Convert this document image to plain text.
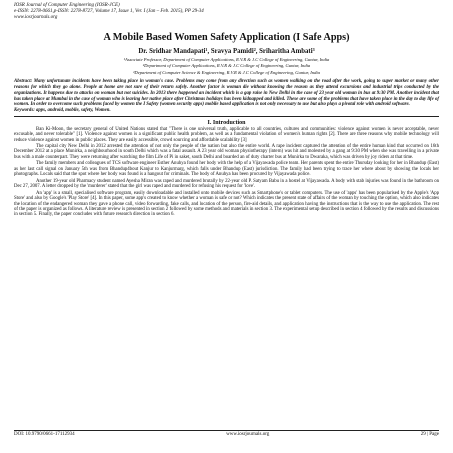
IOSR Journal of Computer Engineering (IOSR-JCE)
e-ISSN: 2278-0661,p-ISSN: 2278-8727, Volume 17, Issue 1, Ver. I (Jan – Feb. 2015), PP 29-34
www.iosrjournals.org
A Mobile Based Women Safety Application (I Safe Apps)
Dr. Sridhar Mandapati¹, Sravya Pamidi², Sriharitha Ambati³
¹Associate Professor, Department of Computer Applications, R.V.R & J.C College of Engineering, Guntur, India
²Department of Computer Applications, R.V.R & J.C College of Engineering, Guntur, India
³Department of Computer Science & Engineering, R.V.R & J.C College of Engineering, Guntur, India
Abstract: Many unfortunate incidents have been taking place in woman's case. Problems may come from any direction such as women walking on the road after the work, going to super market or many other reasons for which they go alone. People at home are not sure of their return safely. Another factor is woman die without knowing the reason as they attend excursions and industrial trips conducted by the organizations. It happens due to attacks on woman but not suicides. In 2013 there happened an incident which is a gap raise in New Delhi in the case of 23 year old woman in bus at 9:30 PM. Another incident that has taken place at Mumbai in the case of woman who is leaving her native place after Christmas holidays has been kidnapped and killed. These are some of the problems that have taken place in the day to day life of women. In order to overcome such problems faced by women the I Safety (women security apps) mobile based application is not only necessary to use but also plays a pivotal role with android software.
Keywords: apps, android, mobile, safety, Women.
I. Introduction

Ban Ki-Moon, the secretary general of United Nations stated that "There is one universal truth, applicable to all countries, cultures and communities: violence against women is never acceptable, never excusable, and never tolerable" [1]. Violence against women is a significant public health problem, as well as a fundamental violation of women's human rights [2]. There are three reasons why mobile technology will reduce violence against women in public places. They are easily accessible, crowd sourcing and affordable scalability [3]

The capital city New Delhi in 2012 arrested the attention of not only the people of the nation but also the entire world. A rape incident captured the attention of the entire human kind that occurred on 16th December 2012 at a place Munirka, a neighbourhood in south Delhi which was a fatal assault. A 23 year old woman physiotherapy (intern) was hit and molested by a gang at 9:30 PM when she was travelling in a private bus with a male counterpart. They were returning after watching the film Life of Pi in saket, south Delhi and boarded an of duty charter bus at Munirka to Dwaraka, which was driven by joy riders at that time.

The family members and colleagues of TCS software engineer Esther Anuhya found her body with the help of a Vijayawada police team. Her parents spent the entire Thursday looking for her in Bhandup (East) as her last call signal on January 5th was from Bhandup4bout Kanjur to Kanjurmarg, which falls under Bhandup (East) jurisdiction. The family had been trying to trace her where about by showing the locals her photographs. Locals said that the spot where her body was found is a hangout for criminals. The body of Anuhya has been procured by Vijayawada police.

Another 19-year old Pharmacy student named Ayesha Miran was raped and murdered brutally by 22-year old P. Satyam Babu in a hostel at Vijayawada. A body with stab injuries was found in the bathroom on Dec 27, 2007. A letter dropped by the 'murderer' stated that the girl was raped and murdered for refusing his request for 'love'.

An 'app' is a small, specialised software program, easily downloadable and installed onto mobile devices such as Smartphone's or tablet computers. The use of 'apps' has been popularised by the Apple's 'App Store' and also by Google's 'Play Store' [4]. In this paper, some app's created to know whether a woman is safe or not? Which indicates the present state of affairs of the woman by touching the option, which also indicates the location of the endangered woman they gave a phone call, video forwarding, fake calls, and location of the person, fire-aid details, and application having the instructions that is the way to use the application. The rest of the paper is organized as follows. A literature review is presented in section 2 followed by some methods and materials in section 3. The experimental setup described in section 4 followed by the results and discussions in section 5. Finally, the paper concludes with future research direction in section 6.

DOI: 10.9790/0661-17112934	www.iosrjournals.org	29 | Page
